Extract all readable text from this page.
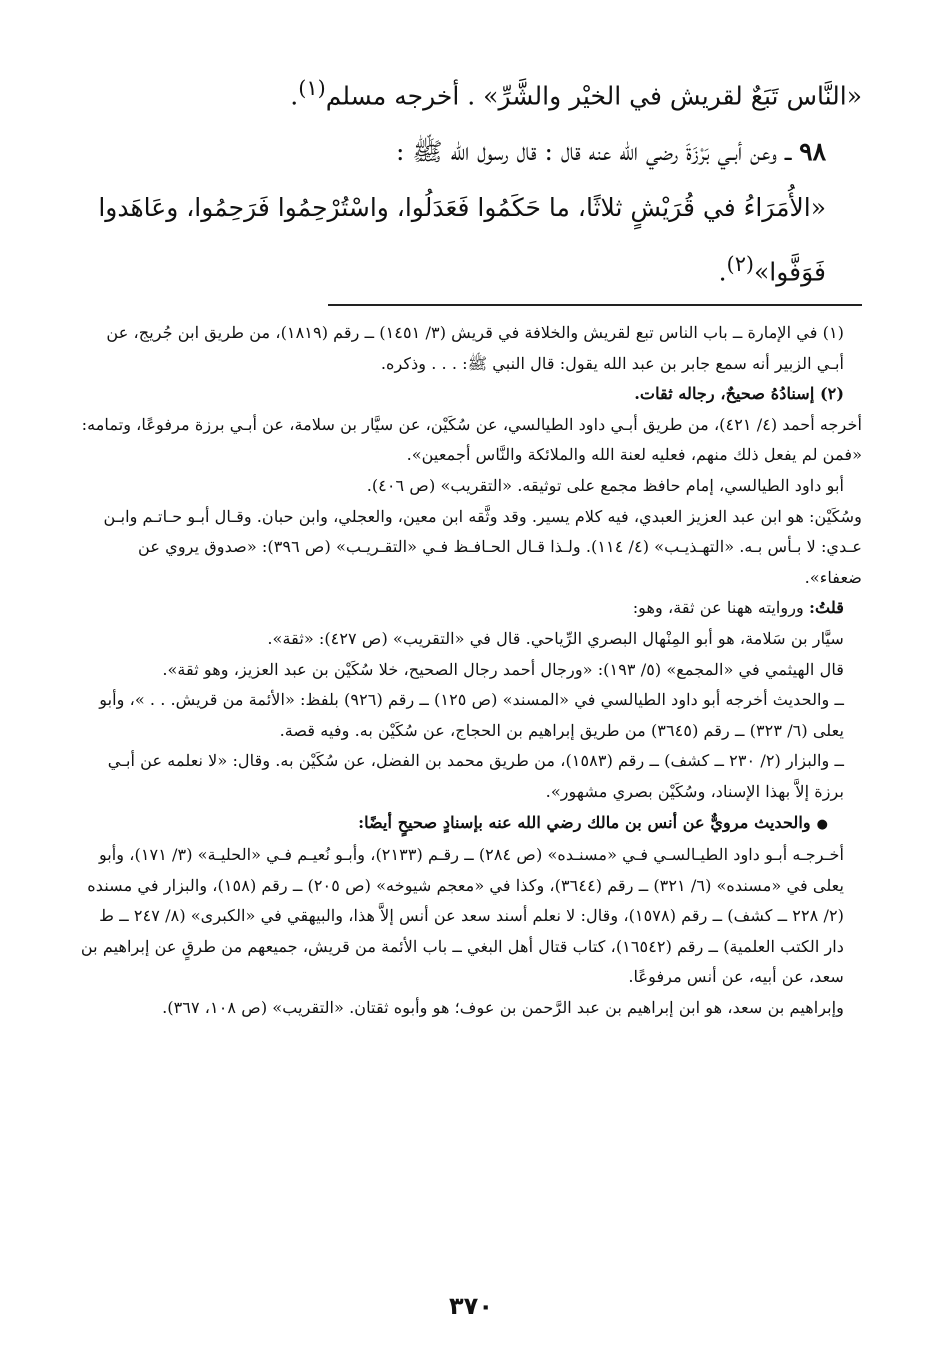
«النَّاس تَبَعٌ لقريش في الخيْر والشَّرِّ» . أخرجه مسلم$^{(١)}$.

٩٨ ــ وعن أبـي بَرْزَةَ رضي الله عنه قال : قال رسول الله ﷺ :

«الأُمَرَاءُ في قُرَيْشٍ ثلاثًا، ما حَكَمُوا فَعَدَلُوا، واسْتُرْحِمُوا فَرَحِمُوا، وعَاهَدوا فَوَفَّوا»$^{(٢)}$.

(١) في الإمارة ــ باب الناس تبع لقريش والخلافة في قريش (٣/ ١٤٥١) ــ رقم (١٨١٩)، من طريق ابن جُريج، عن أبـي الزبير أنه سمع جابر بن عبد الله يقول: قال النبي ﷺ: . . . وذكره.

(٢) إسنادُهُ صحيحٌ، رجاله ثقات.

أخرجه أحمد (٤/ ٤٢١)، من طريق أبـي داود الطيالسي، عن سُكَيْن، عن سيَّار بن سلامة، عن أبـي برزة مرفوعًا، وتمامه: «فمن لم يفعل ذلك منهم، فعليه لعنة الله والملائكة والنَّاس أجمعين».

أبو داود الطيالسي، إمام حافظ مجمع على توثيقه. «التقريب» (ص ٤٠٦).

وسُكَيْن: هو ابن عبد العزيز العبدي، فيه كلام يسير. وقد وثَّقه ابن معين، والعجلي، وابن حبان. وقـال أبـو حـاتـم وابـن عـدي: لا بـأس بـه. «التهـذيـب» (٤/ ١١٤). ولـذا قـال الحـافـظ فـي «التقـريـب» (ص ٣٩٦): «صدوق يروي عن ضعفاء».

قلتُ: وروايته ههنا عن ثقة، وهو:

سيَّار بن سَلامة، هو أبو المِنْهال البصري الرِّياحي. قال في «التقريب» (ص ٤٢٧): «ثقة».

قال الهيثمي في «المجمع» (٥/ ١٩٣): «ورجال أحمد رجال الصحيح، خلا سُكَيْن بن عبد العزيز، وهو ثقة».

ــ والحديث أخرجه أبو داود الطيالسي في «المسند» (ص ١٢٥) ــ رقم (٩٢٦) بلفظ: «الأئمة من قريش. . . »، وأبو يعلى (٦/ ٣٢٣) ــ رقم (٣٦٤٥) من طريق إبراهيم بن الحجاج، عن سُكَيْن به. وفيه قصة.

ــ والبزار (٢/ ٢٣٠ ــ كشف) ــ رقم (١٥٨٣)، من طريق محمد بن الفضل، عن سُكَيْن به. وقال: «لا نعلمه عن أبـي برزة إلاَّ بهذا الإسناد، وسُكَيْن بصري مشهور».

●والحديث مرويٌّ عن أنس بن مالك رضي الله عنه بإسنادٍ صحيحٍ أيضًا:

أخـرجـه أبـو داود الطيـالسـي فـي «مسنـده» (ص ٢٨٤) ــ رقـم (٢١٣٣)، وأبـو نُعيـم فـي «الحليـة» (٣/ ١٧١)، وأبو يعلى في «مسنده» (٦/ ٣٢١) ــ رقم (٣٦٤٤)، وكذا في «معجم شيوخه» (ص ٢٠٥) ــ رقم (١٥٨)، والبزار في مسنده (٢/ ٢٢٨ ــ كشف) ــ رقم (١٥٧٨)، وقال: لا نعلم أسند سعد عن أنس إلاَّ هذا، والبيهقي في «الكبرى» (٨/ ٢٤٧ ــ ط دار الكتب العلمية) ــ رقم (١٦٥٤٢)، كتاب قتال أهل البغي ــ باب الأئمة من قريش، جميعهم من طرقٍ عن إبراهيم بن سعد، عن أبيه، عن أنس مرفوعًا.

وإبراهيم بن سعد، هو ابن إبراهيم بن عبد الرَّحمن بن عوف؛ هو وأبوه ثقتان. «التقريب» (ص ١٠٨، ٣٦٧).

٣٧٠
